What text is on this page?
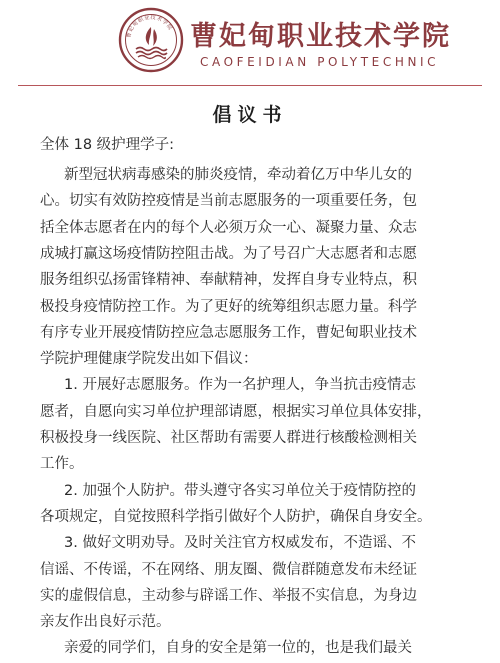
曹妃甸职业技术学院 曹妃甸职业技术学院
CAOFEIDIAN POLYTECHNIC
倡议书
全体 18 级护理学子:
新型冠状病毒感染的肺炎疫情，牵动着亿万中华儿女的
心。切实有效防控疫情是当前志愿服务的一项重要任务，包
括全体志愿者在内的每个人必须万众一心、凝聚力量、众志
成城打赢这场疫情防控阻击战。为了号召广大志愿者和志愿
服务组织弘扬雷锋精神、奉献精神，发挥自身专业特点，积
极投身疫情防控工作。为了更好的统筹组织志愿力量。科学
有序专业开展疫情防控应急志愿服务工作，曹妃甸职业技术
学院护理健康学院发出如下倡议：
1. 开展好志愿服务。作为一名护理人，争当抗击疫情志
愿者，自愿向实习单位护理部请愿，根据实习单位具体安排，
积极投身一线医院、社区帮助有需要人群进行核酸检测相关
工作。
2. 加强个人防护。带头遵守各实习单位关于疫情防控的
各项规定，自觉按照科学指引做好个人防护，确保自身安全。
3. 做好文明劝导。及时关注官方权威发布，不造谣、不
信谣、不传谣，不在网络、朋友圈、微信群随意发布未经证
实的虚假信息，主动参与辟谣工作、举报不实信息，为身边
亲友作出良好示范。
亲爱的同学们，自身的安全是第一位的，也是我们最关
